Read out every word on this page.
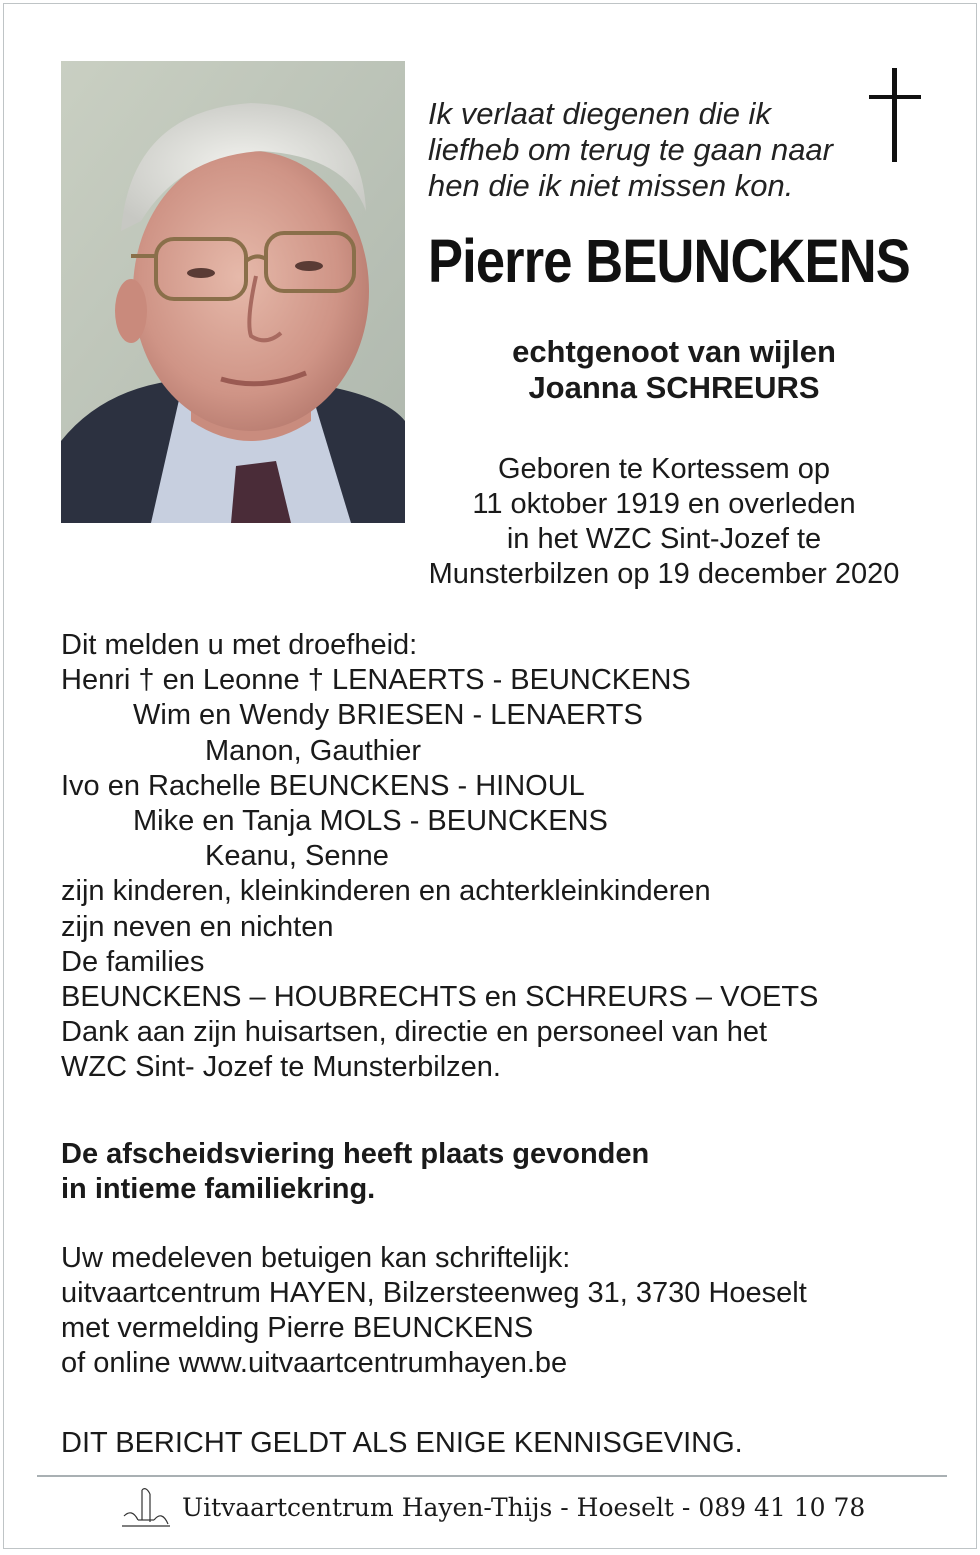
Ik verlaat diegenen die ik
liefheb om terug te gaan naar
hen die ik niet missen kon.
Pierre BEUNCKENS
echtgenoot van wijlen
Joanna SCHREURS
Geboren te Kortessem op
11 oktober 1919 en overleden
in het WZC Sint-Jozef te
Munsterbilzen op 19 december 2020
Dit melden u met droefheid:
Henri † en Leonne † LENAERTS - BEUNCKENS
Wim en Wendy BRIESEN - LENAERTS
Manon, Gauthier
Ivo en Rachelle BEUNCKENS - HINOUL
Mike en Tanja MOLS - BEUNCKENS
Keanu, Senne
zijn kinderen, kleinkinderen en achterkleinkinderen
zijn neven en nichten
De families
BEUNCKENS – HOUBRECHTS en SCHREURS – VOETS
Dank aan zijn huisartsen, directie en personeel van het
WZC Sint- Jozef te Munsterbilzen.
De afscheidsviering heeft plaats gevonden
in intieme familiekring.
Uw medeleven betuigen kan schriftelijk:
uitvaartcentrum HAYEN, Bilzersteenweg 31, 3730 Hoeselt
met vermelding Pierre BEUNCKENS
of online www.uitvaartcentrumhayen.be
DIT BERICHT GELDT ALS ENIGE KENNISGEVING.
Uitvaartcentrum Hayen-Thijs - Hoeselt - 089 41 10 78
